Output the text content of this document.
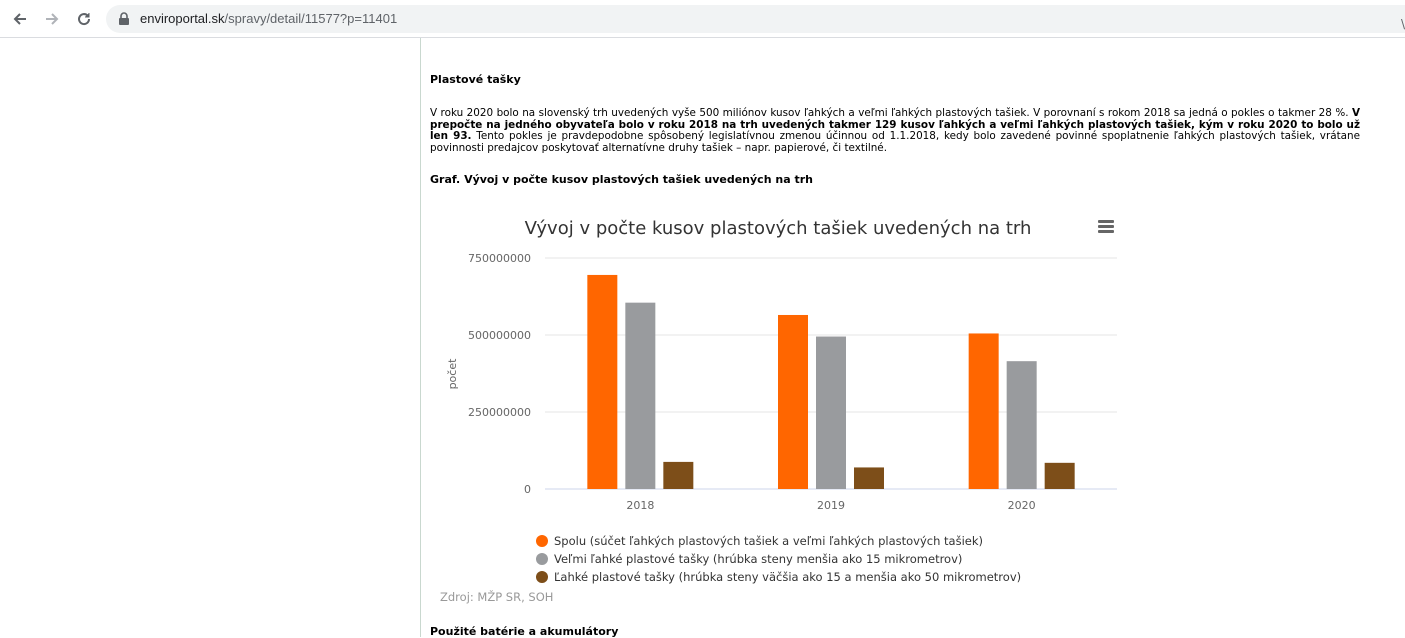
enviroportal.sk/spravy/detail/11577?p=11401	\
Plastové tašky

V roku 2020 bolo na slovenský trh uvedených vyše 500 miliónov kusov ľahkých a veľmi ľahkých plastových tašiek. V porovnaní s rokom 2018 sa jedná o pokles o takmer 28 %. V prepočte na jedného obyvateľa bolo v roku 2018 na trh uvedených takmer 129 kusov ľahkých a veľmi ľahkých plastových tašiek, kým v roku 2020 to bolo už len 93. Tento pokles je pravdepodobne spôsobený legislatívnou zmenou účinnou od 1.1.2018, kedy bolo zavedené povinné spoplatnenie ľahkých plastových tašiek, vrátane povinnosti predajcov poskytovať alternatívne druhy tašiek – napr. papierové, či textilné.

Graf. Vývoj v počte kusov plastových tašiek uvedených na trh
Použité batérie a akumulátory
Vývoj v počte kusov plastových tašiek uvedených na trh
počet
0
250000000
500000000
750000000
2018	2019	2020
Spolu (súčet ľahkých plastových tašiek a veľmi ľahkých plastových tašiek)
Veľmi ľahké plastové tašky (hrúbka steny menšia ako 15 mikrometrov)
Ľahké plastové tašky (hrúbka steny väčšia ako 15 a menšia ako 50 mikrometrov)
Zdroj: MŽP SR, SOH
